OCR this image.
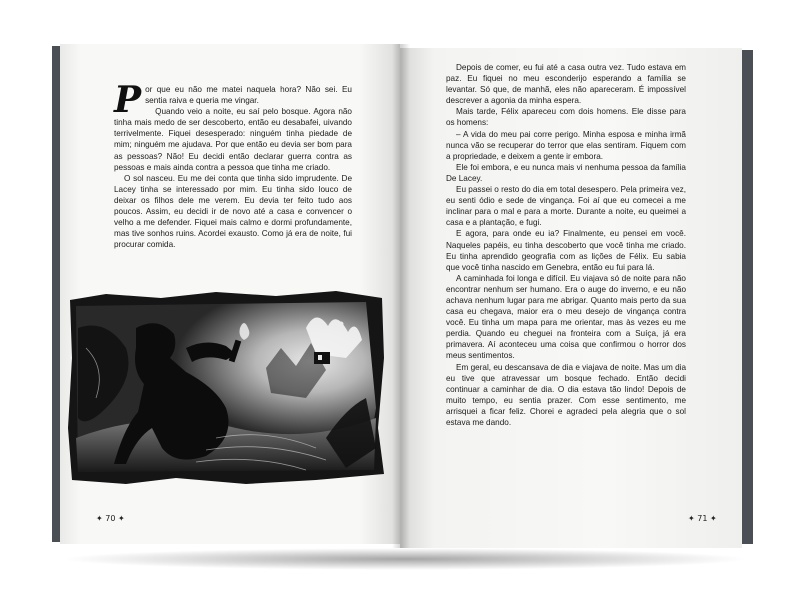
Por que eu não me matei naquela hora? Não sei. Eu sentia raiva e queria me vingar.

Quando veio a noite, eu saí pelo bosque. Agora não tinha mais medo de ser descoberto, então eu desabafei, uivando terrivelmente. Fiquei desesperado: ninguém tinha piedade de mim; ninguém me ajudava. Por que então eu devia ser bom para as pessoas? Não! Eu decidi então declarar guerra contra as pessoas e mais ainda contra a pessoa que tinha me criado.

O sol nasceu. Eu me dei conta que tinha sido imprudente. De Lacey tinha se interessado por mim. Eu tinha sido louco de deixar os filhos dele me verem. Eu devia ter feito tudo aos poucos. Assim, eu decidi ir de novo até a casa e convencer o velho a me defender. Fiquei mais calmo e dormi profundamente, mas tive sonhos ruins. Acordei exausto. Como já era de noite, fui procurar comida.

✦ 70 ✦

Depois de comer, eu fui até a casa outra vez. Tudo estava em paz. Eu fiquei no meu esconderijo esperando a família se levantar. Só que, de manhã, eles não apareceram. É impossível descrever a agonia da minha espera.

Mais tarde, Félix apareceu com dois homens. Ele disse para os homens:

– A vida do meu pai corre perigo. Minha esposa e minha irmã nunca vão se recuperar do terror que elas sentiram. Fiquem com a propriedade, e deixem a gente ir embora.

Ele foi embora, e eu nunca mais vi nenhuma pessoa da família De Lacey.

Eu passei o resto do dia em total desespero. Pela primeira vez, eu senti ódio e sede de vingança. Foi aí que eu comecei a me inclinar para o mal e para a morte. Durante a noite, eu queimei a casa e a plantação, e fugi.

E agora, para onde eu ia? Finalmente, eu pensei em você. Naqueles papéis, eu tinha descoberto que você tinha me criado. Eu tinha aprendido geografia com as lições de Félix. Eu sabia que você tinha nascido em Genebra, então eu fui para lá.

A caminhada foi longa e difícil. Eu viajava só de noite para não encontrar nenhum ser humano. Era o auge do inverno, e eu não achava nenhum lugar para me abrigar. Quanto mais perto da sua casa eu chegava, maior era o meu desejo de vingança contra você. Eu tinha um mapa para me orientar, mas às vezes eu me perdia. Quando eu cheguei na fronteira com a Suíça, já era primavera. Aí aconteceu uma coisa que confirmou o horror dos meus sentimentos.

Em geral, eu descansava de dia e viajava de noite. Mas um dia eu tive que atravessar um bosque fechado. Então decidi continuar a caminhar de dia. O dia estava tão lindo! Depois de muito tempo, eu sentia prazer. Com esse sentimento, me arrisquei a ficar feliz. Chorei e agradeci pela alegria que o sol estava me dando.

✦ 71 ✦
